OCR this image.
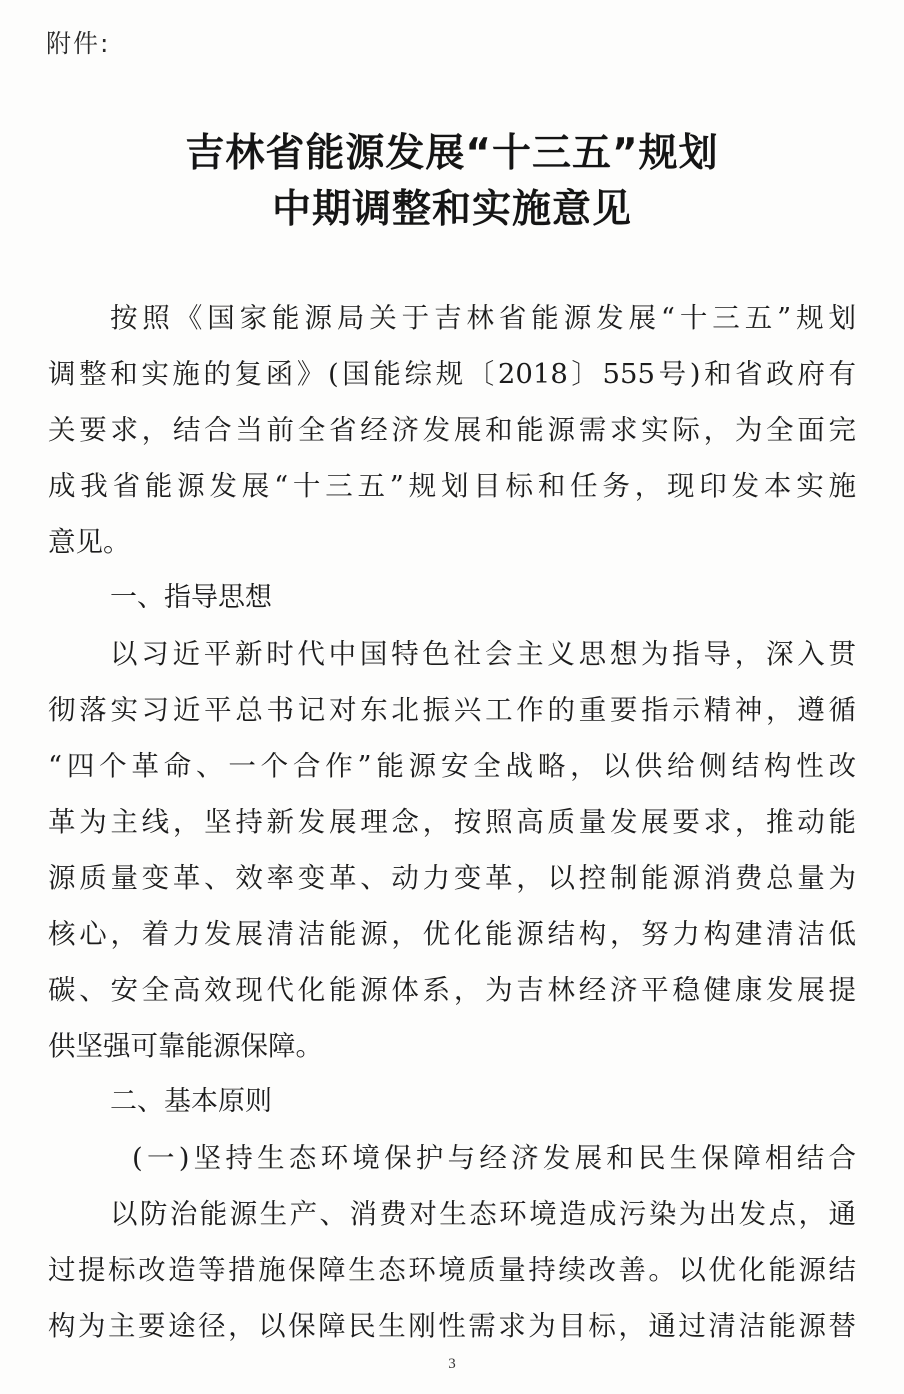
附件:
吉林省能源发展“十三五”规划
中期调整和实施意见
按照《国家能源局关于吉林省能源发展“十三五”规划
调整和实施的复函》(国能综规〔2018〕555号)和省政府有
关要求，结合当前全省经济发展和能源需求实际，为全面完
成我省能源发展“十三五”规划目标和任务，现印发本实施
意见。
一、指导思想
以习近平新时代中国特色社会主义思想为指导，深入贯
彻落实习近平总书记对东北振兴工作的重要指示精神，遵循
“四个革命、一个合作”能源安全战略，以供给侧结构性改
革为主线，坚持新发展理念，按照高质量发展要求，推动能
源质量变革、效率变革、动力变革，以控制能源消费总量为
核心，着力发展清洁能源，优化能源结构，努力构建清洁低
碳、安全高效现代化能源体系，为吉林经济平稳健康发展提
供坚强可靠能源保障。
二、基本原则
(一)坚持生态环境保护与经济发展和民生保障相结合
以防治能源生产、消费对生态环境造成污染为出发点，通
过提标改造等措施保障生态环境质量持续改善。以优化能源结
构为主要途径，以保障民生刚性需求为目标，通过清洁能源替
3
